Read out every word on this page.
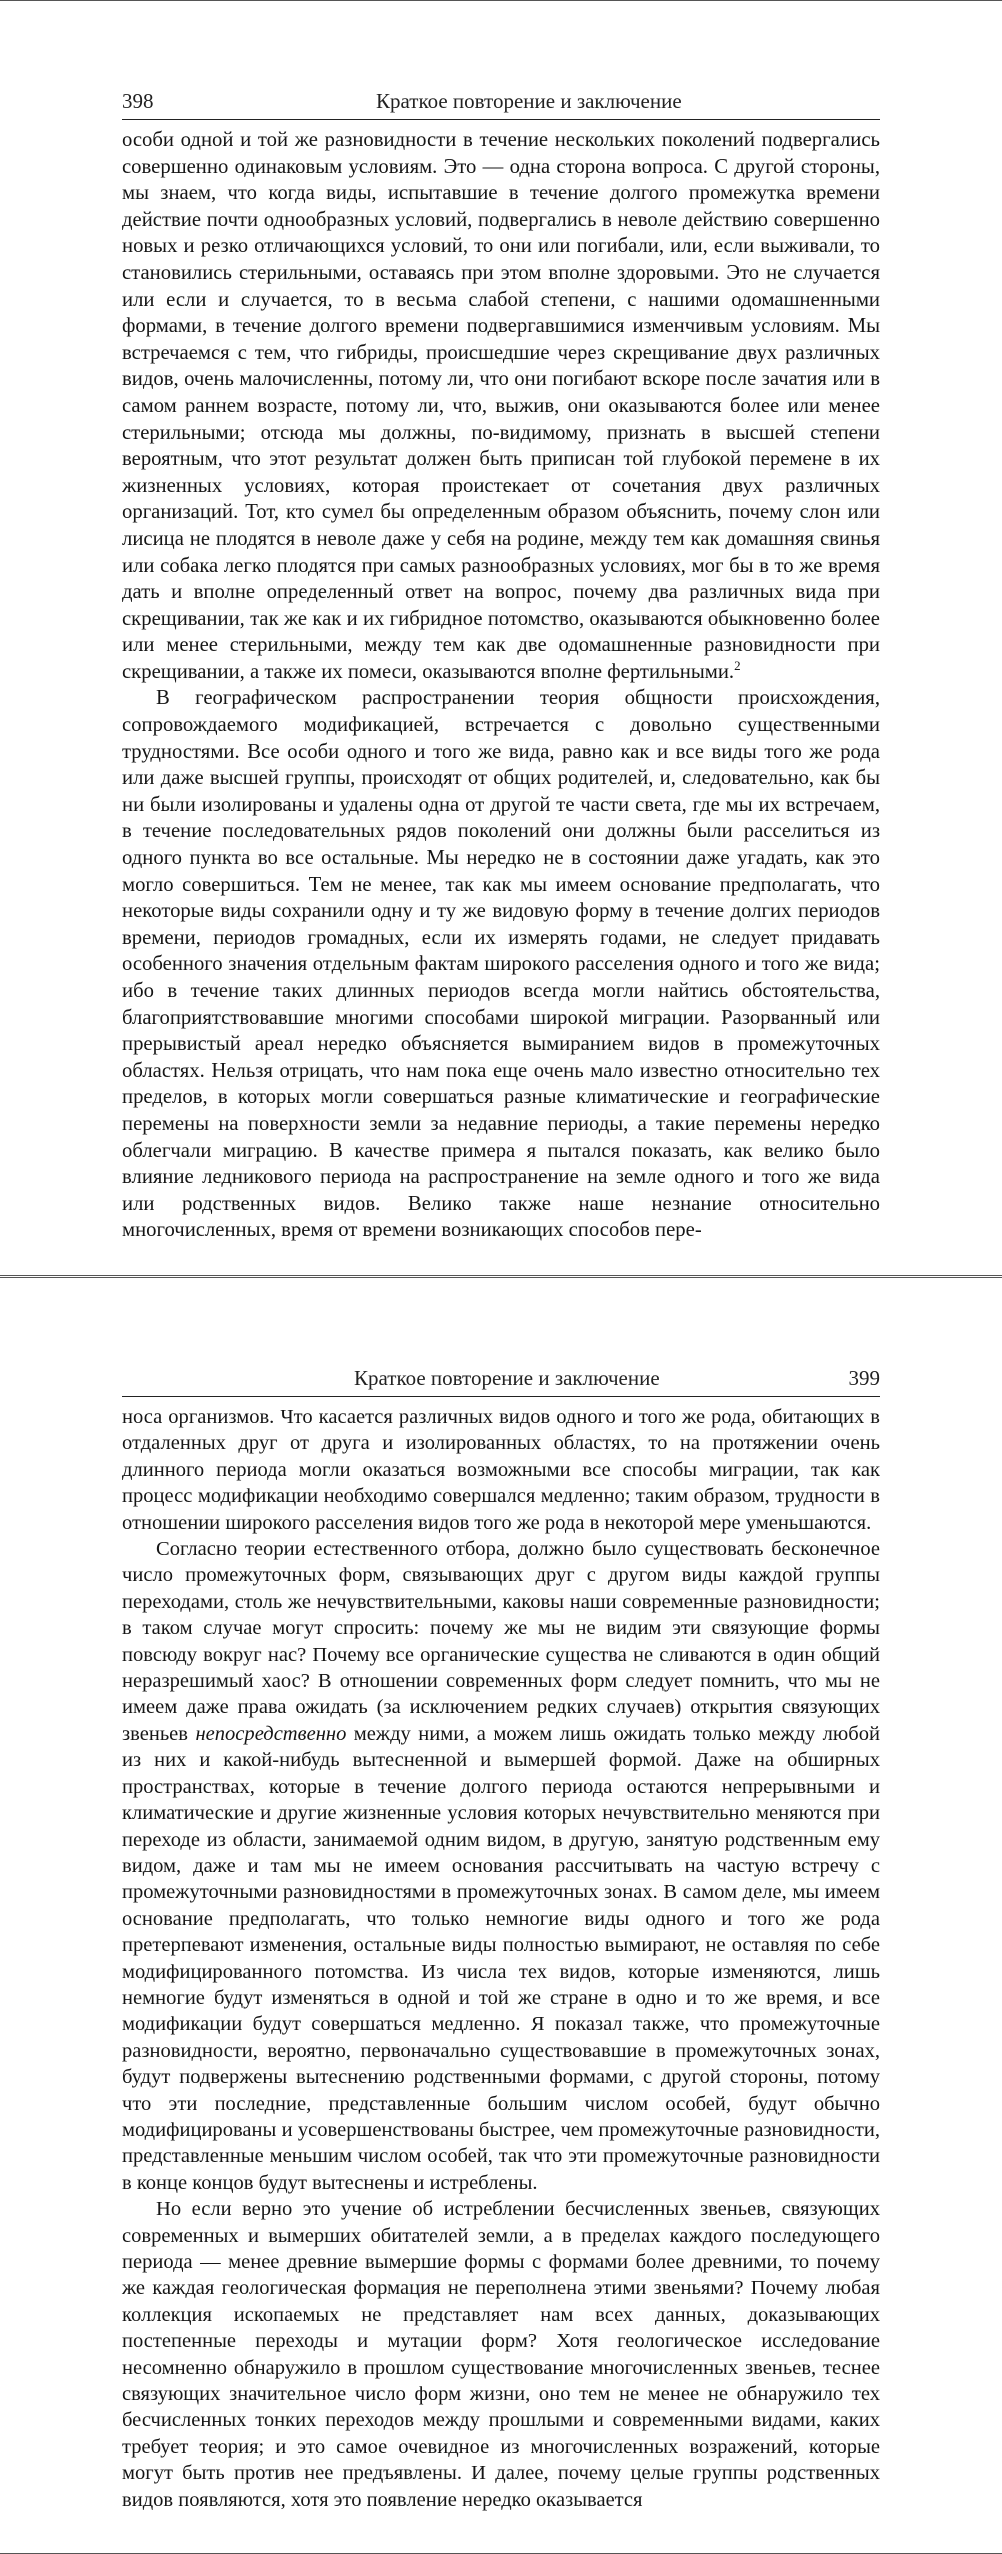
398	Краткое повторение и заключение

особи одной и той же разновидности в течение нескольких поколений подвергались совершенно одинаковым условиям. Это — одна сторона вопроса. С другой стороны, мы знаем, что когда виды, испытавшие в течение долгого промежутка времени действие почти однообразных условий, подвергались в неволе действию совершенно новых и резко отличающихся условий, то они или погибали, или, если выживали, то становились стерильными, оставаясь при этом вполне здоровыми. Это не случается или если и случается, то в весьма слабой степени, с нашими одомашненными формами, в течение долгого времени подвергавшимися изменчивым условиям. Мы встречаемся с тем, что гибриды, происшедшие через скрещивание двух различных видов, очень малочисленны, потому ли, что они погибают вскоре после зачатия или в самом раннем возрасте, потому ли, что, выжив, они оказываются более или менее стерильными; отсюда мы должны, по-видимому, признать в высшей степени вероятным, что этот результат должен быть приписан той глубокой перемене в их жизненных условиях, которая проистекает от сочетания двух различных организаций. Тот, кто сумел бы определенным образом объяснить, почему слон или лисица не плодятся в неволе даже у себя на родине, между тем как домашняя свинья или собака легко плодятся при самых разнообразных условиях, мог бы в то же время дать и вполне определенный ответ на вопрос, почему два различных вида при скрещивании, так же как и их гибридное потомство, оказываются обыкновенно более или менее стерильными, между тем как две одомашненные разновидности при скрещивании, а также их помеси, оказываются вполне фертильными.$^2$

В географическом распространении теория общности происхождения, сопровождаемого модификацией, встречается с довольно существенными трудностями. Все особи одного и того же вида, равно как и все виды того же рода или даже высшей группы, происходят от общих родителей, и, следовательно, как бы ни были изолированы и удалены одна от другой те части света, где мы их встречаем, в течение последовательных рядов поколений они должны были расселиться из одного пункта во все остальные. Мы нередко не в состоянии даже угадать, как это могло совершиться. Тем не менее, так как мы имеем основание предполагать, что некоторые виды сохранили одну и ту же видовую форму в течение долгих периодов времени, периодов громадных, если их измерять годами, не следует придавать особенного значения отдельным фактам широкого расселения одного и того же вида; ибо в течение таких длинных периодов всегда могли найтись обстоятельства, благоприятствовавшие многими способами широкой миграции. Разорванный или прерывистый ареал нередко объясняется вымиранием видов в промежуточных областях. Нельзя отрицать, что нам пока еще очень мало известно относительно тех пределов, в которых могли совершаться разные климатические и географические перемены на поверхности земли за недавние периоды, а такие перемены нередко облегчали миграцию. В качестве примера я пытался показать, как велико было влияние ледникового периода на распространение на земле одного и того же вида или родственных видов. Велико также наше незнание относительно многочисленных, время от времени возникающих способов пере-

Краткое повторение и заключение	399

носа организмов. Что касается различных видов одного и того же рода, обитающих в отдаленных друг от друга и изолированных областях, то на протяжении очень длинного периода могли оказаться возможными все способы миграции, так как процесс модификации необходимо совершался медленно; таким образом, трудности в отношении широкого расселения видов того же рода в некоторой мере уменьшаются.

Согласно теории естественного отбора, должно было существовать бесконечное число промежуточных форм, связывающих друг с другом виды каждой группы переходами, столь же нечувствительными, каковы наши современные разновидности; в таком случае могут спросить: почему же мы не видим эти связующие формы повсюду вокруг нас? Почему все органические существа не сливаются в один общий неразрешимый хаос? В отношении современных форм следует помнить, что мы не имеем даже права ожидать (за исключением редких случаев) открытия связующих звеньев непосредственно между ними, а можем лишь ожидать только между любой из них и какой-нибудь вытесненной и вымершей формой. Даже на обширных пространствах, которые в течение долгого периода остаются непрерывными и климатические и другие жизненные условия которых нечувствительно меняются при переходе из области, занимаемой одним видом, в другую, занятую родственным ему видом, даже и там мы не имеем основания рассчитывать на частую встречу с промежуточными разновидностями в промежуточных зонах. В самом деле, мы имеем основание предполагать, что только немногие виды одного и того же рода претерпевают изменения, остальные виды полностью вымирают, не оставляя по себе модифицированного потомства. Из числа тех видов, которые изменяются, лишь немногие будут изменяться в одной и той же стране в одно и то же время, и все модификации будут совершаться медленно. Я показал также, что промежуточные разновидности, вероятно, первоначально существовавшие в промежуточных зонах, будут подвержены вытеснению родственными формами, с другой стороны, потому что эти последние, представленные большим числом особей, будут обычно модифицированы и усовершенствованы быстрее, чем промежуточные разновидности, представленные меньшим числом особей, так что эти промежуточные разновидности в конце концов будут вытеснены и истреблены.

Но если верно это учение об истреблении бесчисленных звеньев, связующих современных и вымерших обитателей земли, а в пределах каждого последующего периода — менее древние вымершие формы с формами более древними, то почему же каждая геологическая формация не переполнена этими звеньями? Почему любая коллекция ископаемых не представляет нам всех данных, доказывающих постепенные переходы и мутации форм? Хотя геологическое исследование несомненно обнаружило в прошлом существование многочисленных звеньев, теснее связующих значительное число форм жизни, оно тем не менее не обнаружило тех бесчисленных тонких переходов между прошлыми и современными видами, каких требует теория; и это самое очевидное из многочисленных возражений, которые могут быть против нее предъявлены. И далее, почему целые группы родственных видов появляются, хотя это появление нередко оказывается
